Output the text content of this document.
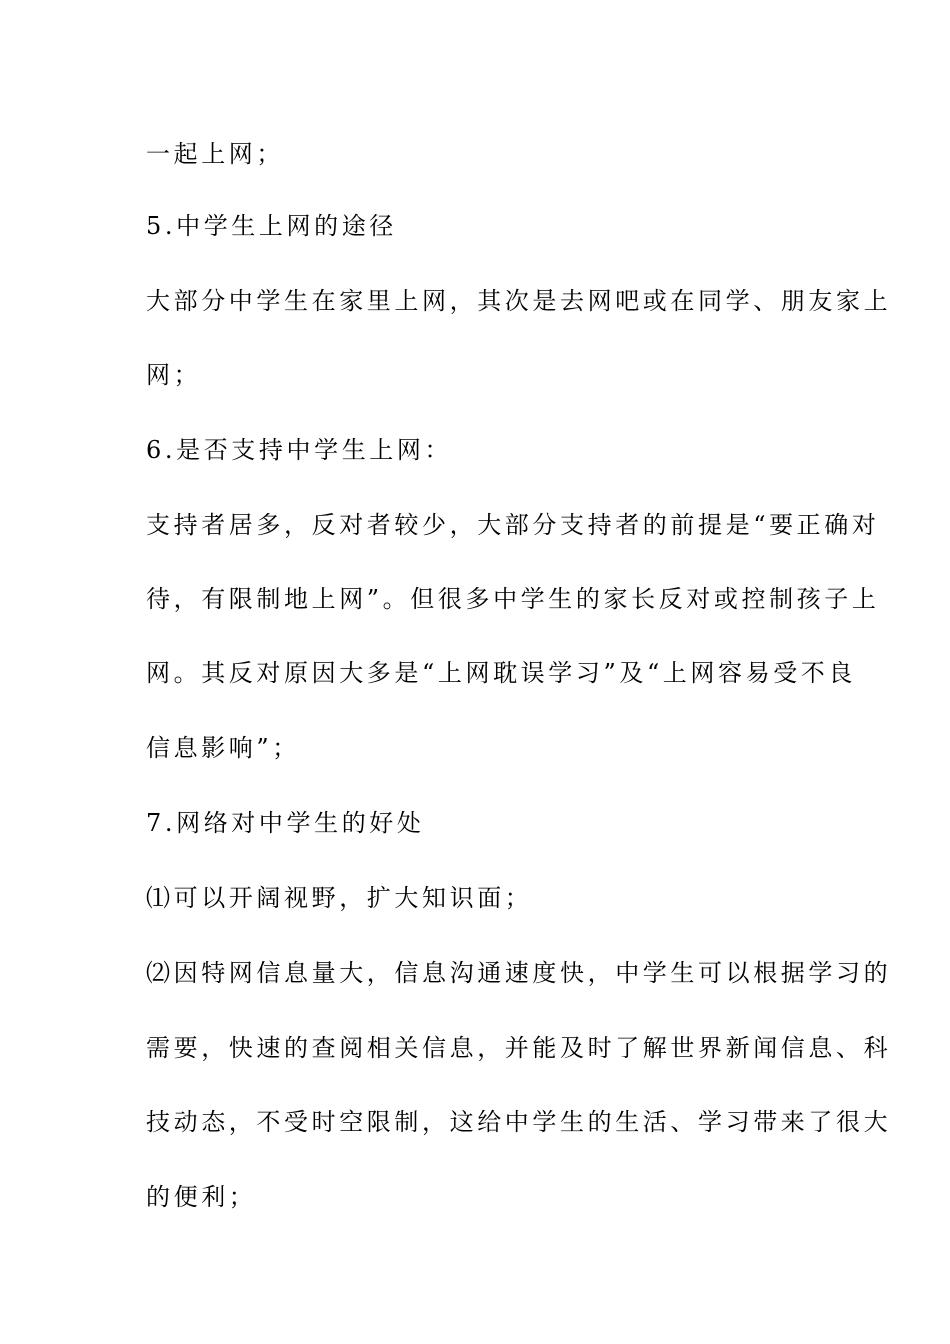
一起上网；
5.中学生上网的途径
大部分中学生在家里上网，其次是去网吧或在同学、朋友家上
网；
6.是否支持中学生上网：
支持者居多，反对者较少，大部分支持者的前提是“要正确对
待，有限制地上网”。但很多中学生的家长反对或控制孩子上
网。其反对原因大多是“上网耽误学习”及“上网容易受不良
信息影响”；
7.网络对中学生的好处
⑴可以开阔视野，扩大知识面；
⑵因特网信息量大，信息沟通速度快，中学生可以根据学习的
需要，快速的查阅相关信息，并能及时了解世界新闻信息、科
技动态，不受时空限制，这给中学生的生活、学习带来了很大
的便利；
